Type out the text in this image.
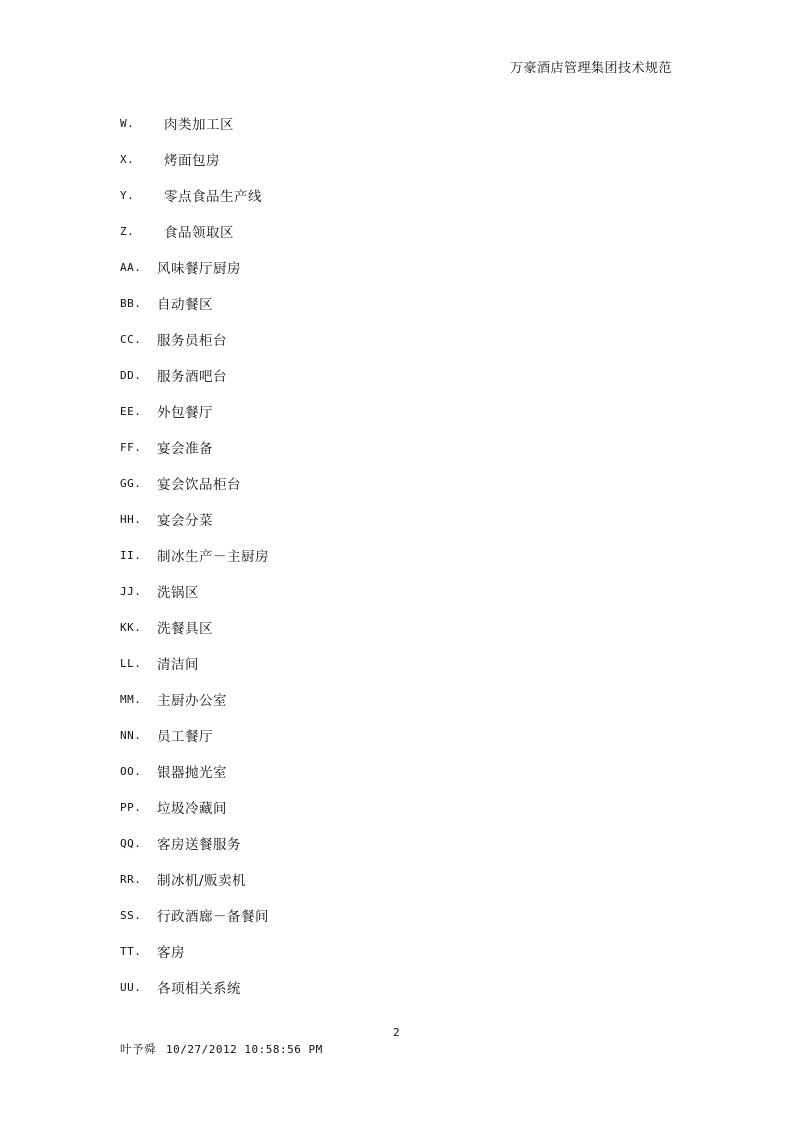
万豪酒店管理集团技术规范
W.	肉类加工区
X.	烤面包房
Y.	零点食品生产线
Z.	食品领取区
AA.	风味餐厅厨房
BB.	自动餐区
CC.	服务员柜台
DD.	服务酒吧台
EE.	外包餐厅
FF.	宴会准备
GG.	宴会饮品柜台
HH.	宴会分菜
II.	制冰生产－主厨房
JJ.	洗锅区
KK.	洗餐具区
LL.	清洁间
MM.	主厨办公室
NN.	员工餐厅
OO.	银器抛光室
PP.	垃圾冷藏间
QQ.	客房送餐服务
RR.	制冰机/贩卖机
SS.	行政酒廊－备餐间
TT.	客房
UU.	各项相关系统
2
叶予舜 10/27/2012 10:58:56 PM
